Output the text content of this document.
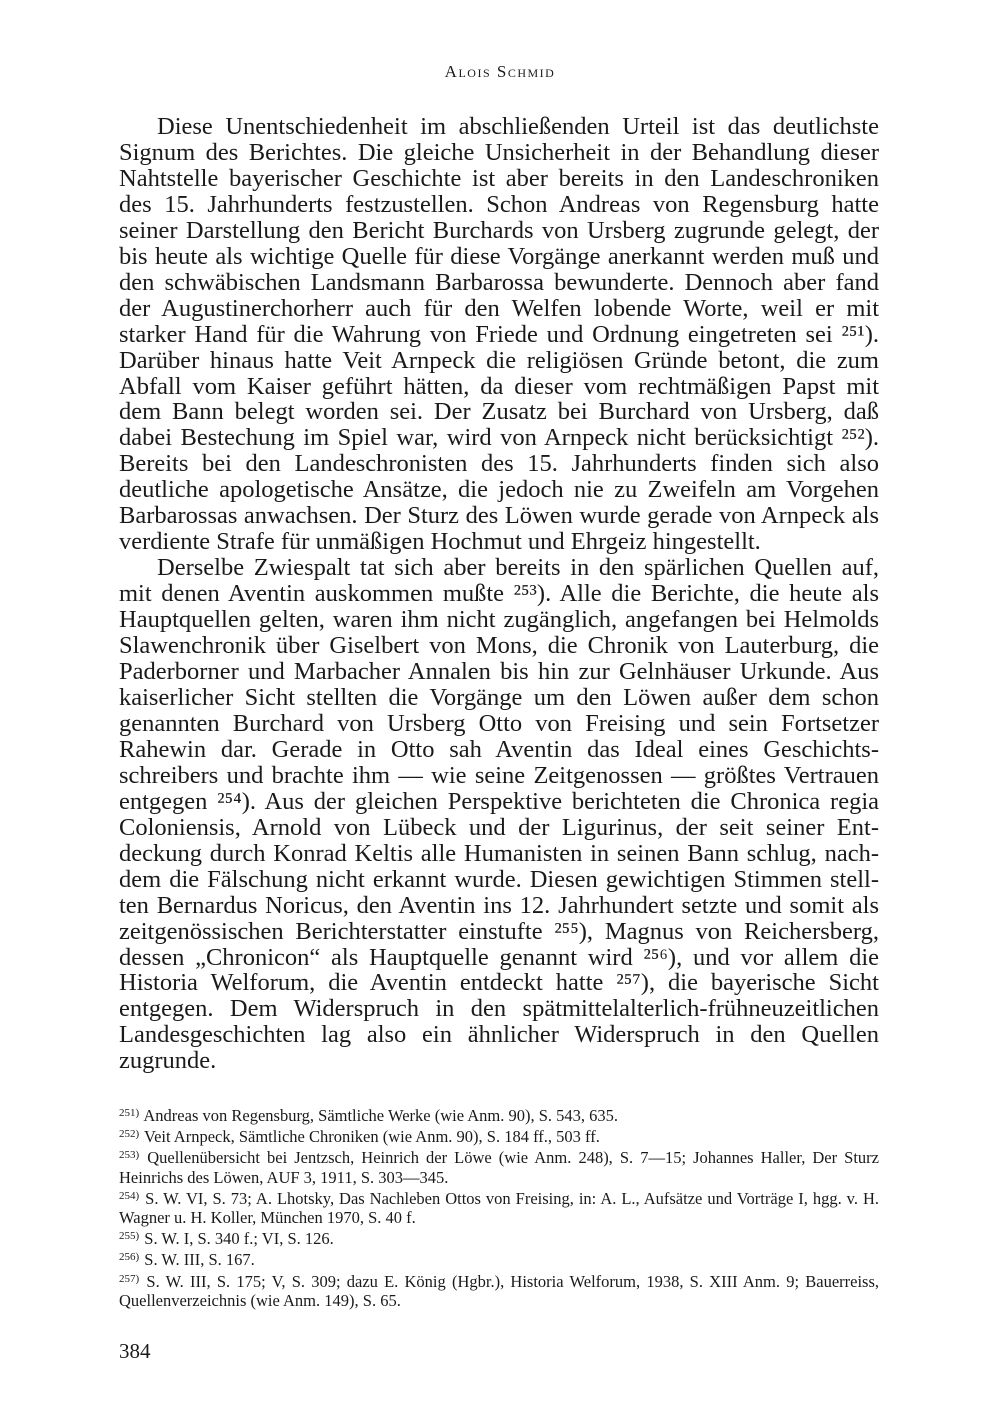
Alois Schmid

Diese Unentschiedenheit im abschließenden Urteil ist das deutlichste Signum des Berichtes. Die gleiche Unsicherheit in der Behandlung dieser Nahtstelle bayerischer Geschichte ist aber bereits in den Landeschroniken des 15. Jahrhunderts festzustellen. Schon Andreas von Regensburg hatte seiner Darstellung den Bericht Burchards von Ursberg zugrunde gelegt, der bis heute als wichtige Quelle für diese Vorgänge anerkannt werden muß und den schwäbischen Landsmann Barbarossa bewunderte. Dennoch aber fand der Augustinerchorherr auch für den Welfen lobende Worte, weil er mit starker Hand für die Wahrung von Friede und Ordnung eingetreten sei ²⁵¹). Darüber hinaus hatte Veit Arnpeck die religiösen Gründe betont, die zum Abfall vom Kaiser geführt hätten, da dieser vom rechtmäßigen Papst mit dem Bann belegt worden sei. Der Zusatz bei Burchard von Ursberg, daß dabei Bestechung im Spiel war, wird von Arnpeck nicht berücksichtigt ²⁵²). Bereits bei den Landeschronisten des 15. Jahrhunderts finden sich also deutliche apologetische Ansätze, die jedoch nie zu Zweifeln am Vorgehen Barbarossas anwachsen. Der Sturz des Löwen wurde gerade von Arnpeck als verdiente Strafe für unmäßigen Hochmut und Ehrgeiz hingestellt.

Derselbe Zwiespalt tat sich aber bereits in den spärlichen Quellen auf, mit denen Aventin auskommen mußte ²⁵³). Alle die Berichte, die heute als Hauptquellen gelten, waren ihm nicht zugänglich, angefangen bei Helmolds Slawenchronik über Giselbert von Mons, die Chronik von Lauterburg, die Paderborner und Marbacher Annalen bis hin zur Gelnhäuser Urkunde. Aus kaiserlicher Sicht stellten die Vorgänge um den Löwen außer dem schon genannten Burchard von Ursberg Otto von Freising und sein Fortsetzer Rahewin dar. Gerade in Otto sah Aventin das Ideal eines Geschichtsschreibers und brachte ihm — wie seine Zeitgenossen — größtes Vertrauen entgegen ²⁵⁴). Aus der gleichen Perspektive berichteten die Chronica regia Coloniensis, Arnold von Lübeck und der Ligurinus, der seit seiner Entdeckung durch Konrad Keltis alle Humanisten in seinen Bann schlug, nachdem die Fälschung nicht erkannt wurde. Diesen gewichtigen Stimmen stellten Bernardus Noricus, den Aventin ins 12. Jahrhundert setzte und somit als zeitgenössischen Berichterstatter einstufte ²⁵⁵), Magnus von Reichersberg, dessen „Chronicon“ als Hauptquelle genannt wird ²⁵⁶), und vor allem die Historia Welforum, die Aventin entdeckt hatte ²⁵⁷), die bayerische Sicht entgegen. Dem Widerspruch in den spätmittelalterlich-frühneuzeitlichen Landesgeschichten lag also ein ähnlicher Widerspruch in den Quellen zugrunde.

$^{251)}$ Andreas von Regensburg, Sämtliche Werke (wie Anm. 90), S. 543, 635.

$^{252)}$ Veit Arnpeck, Sämtliche Chroniken (wie Anm. 90), S. 184 ff., 503 ff.

$^{253)}$ Quellenübersicht bei Jentzsch, Heinrich der Löwe (wie Anm. 248), S. 7—15; Johannes Haller, Der Sturz Heinrichs des Löwen, AUF 3, 1911, S. 303—345.

$^{254)}$ S. W. VI, S. 73; A. Lhotsky, Das Nachleben Ottos von Freising, in: A. L., Aufsätze und Vorträge I, hgg. v. H. Wagner u. H. Koller, München 1970, S. 40 f.

$^{255)}$ S. W. I, S. 340 f.; VI, S. 126.

$^{256)}$ S. W. III, S. 167.

$^{257)}$ S. W. III, S. 175; V, S. 309; dazu E. König (Hgbr.), Historia Welforum, 1938, S. XIII Anm. 9; Bauerreiss, Quellenverzeichnis (wie Anm. 149), S. 65.

384
